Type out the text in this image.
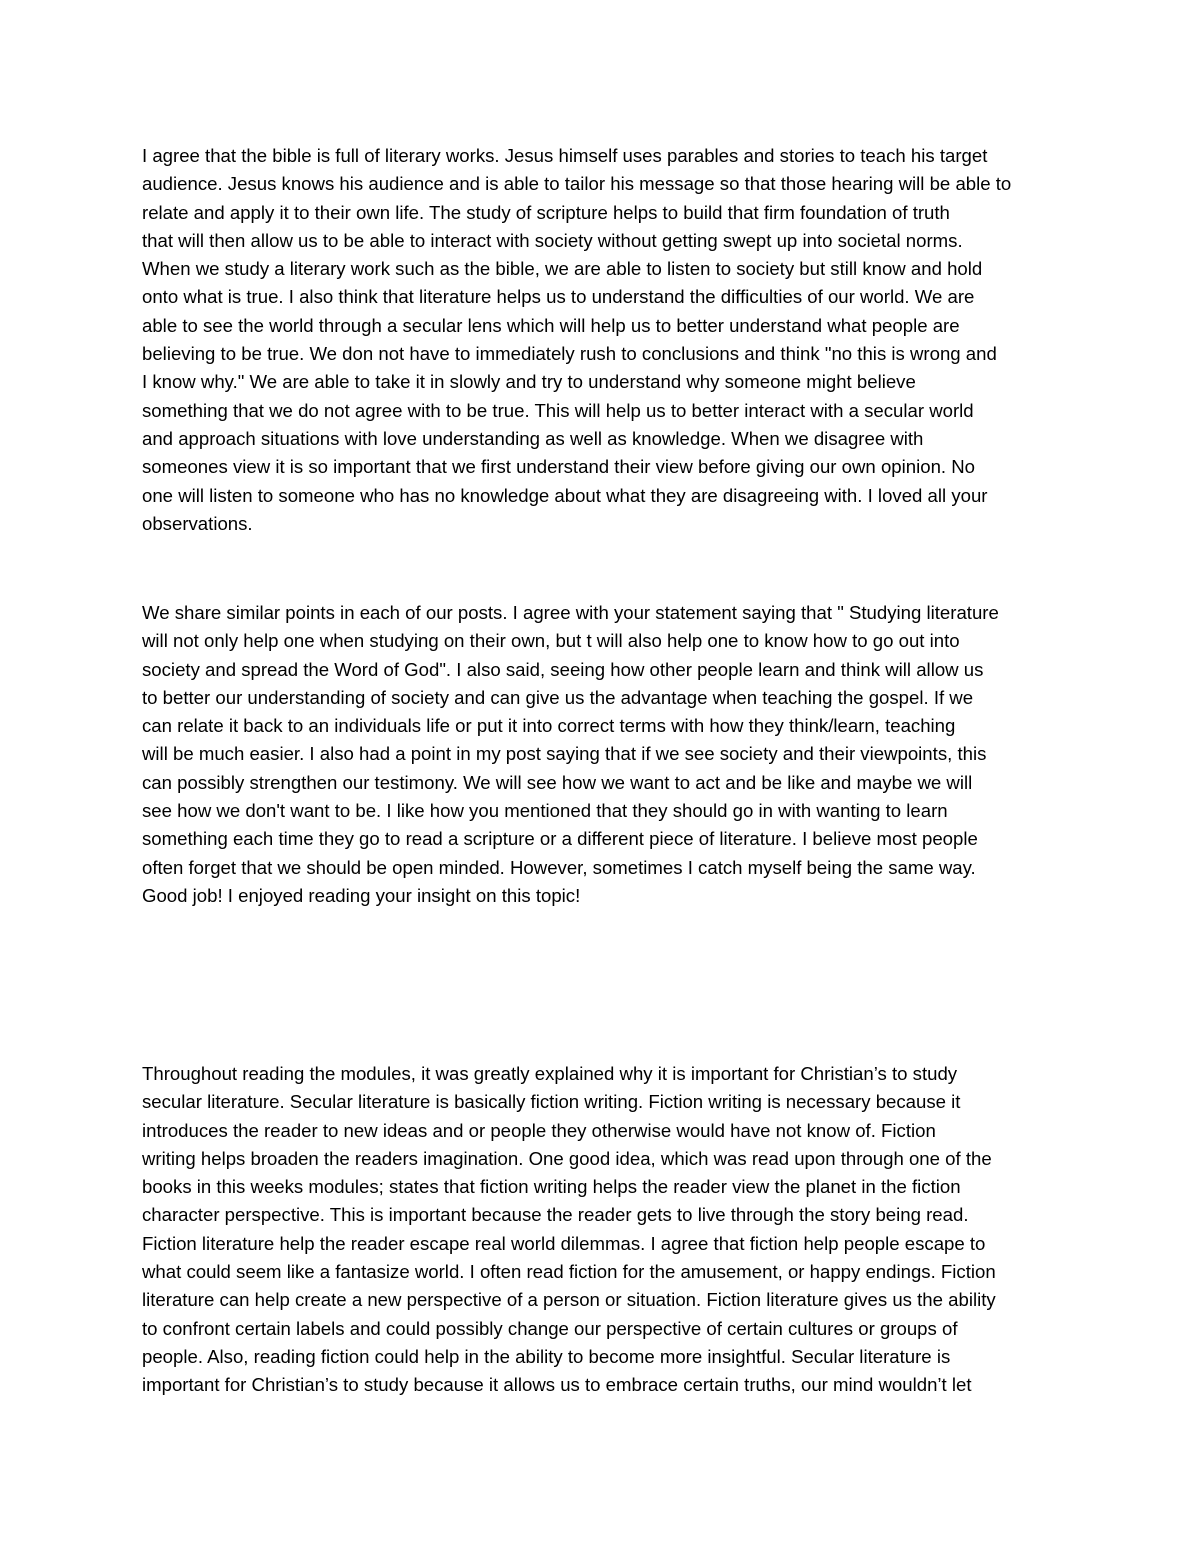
I agree that the bible is full of literary works. Jesus himself uses parables and stories to teach his target
audience. Jesus knows his audience and is able to tailor his message so that those hearing will be able to
relate and apply it to their own life. The study of scripture helps to build that firm foundation of truth
that will then allow us to be able to interact with society without getting swept up into societal norms.
When we study a literary work such as the bible, we are able to listen to society but still know and hold
onto what is true. I also think that literature helps us to understand the difficulties of our world. We are
able to see the world through a secular lens which will help us to better understand what people are
believing to be true. We don not have to immediately rush to conclusions and think "no this is wrong and
I know why." We are able to take it in slowly and try to understand why someone might believe
something that we do not agree with to be true. This will help us to better interact with a secular world
and approach situations with love understanding as well as knowledge. When we disagree with
someones view it is so important that we first understand their view before giving our own opinion. No
one will listen to someone who has no knowledge about what they are disagreeing with. I loved all your
observations.
We share similar points in each of our posts. I agree with your statement saying that " Studying literature
will not only help one when studying on their own, but t will also help one to know how to go out into
society and spread the Word of God". I also said, seeing how other people learn and think will allow us
to better our understanding of society and can give us the advantage when teaching the gospel. If we
can relate it back to an individuals life or put it into correct terms with how they think/learn, teaching
will be much easier. I also had a point in my post saying that if we see society and their viewpoints, this
can possibly strengthen our testimony. We will see how we want to act and be like and maybe we will
see how we don't want to be. I like how you mentioned that they should go in with wanting to learn
something each time they go to read a scripture or a different piece of literature. I believe most people
often forget that we should be open minded. However, sometimes I catch myself being the same way.
Good job! I enjoyed reading your insight on this topic!
Throughout reading the modules, it was greatly explained why it is important for Christian’s to study
secular literature. Secular literature is basically fiction writing. Fiction writing is necessary because it
introduces the reader to new ideas and or people they otherwise would have not know of. Fiction
writing helps broaden the readers imagination. One good idea, which was read upon through one of the
books in this weeks modules; states that fiction writing helps the reader view the planet in the fiction
character perspective. This is important because the reader gets to live through the story being read.
Fiction literature help the reader escape real world dilemmas. I agree that fiction help people escape to
what could seem like a fantasize world. I often read fiction for the amusement, or happy endings. Fiction
literature can help create a new perspective of a person or situation. Fiction literature gives us the ability
to confront certain labels and could possibly change our perspective of certain cultures or groups of
people. Also, reading fiction could help in the ability to become more insightful. Secular literature is
important for Christian’s to study because it allows us to embrace certain truths, our mind wouldn’t let
